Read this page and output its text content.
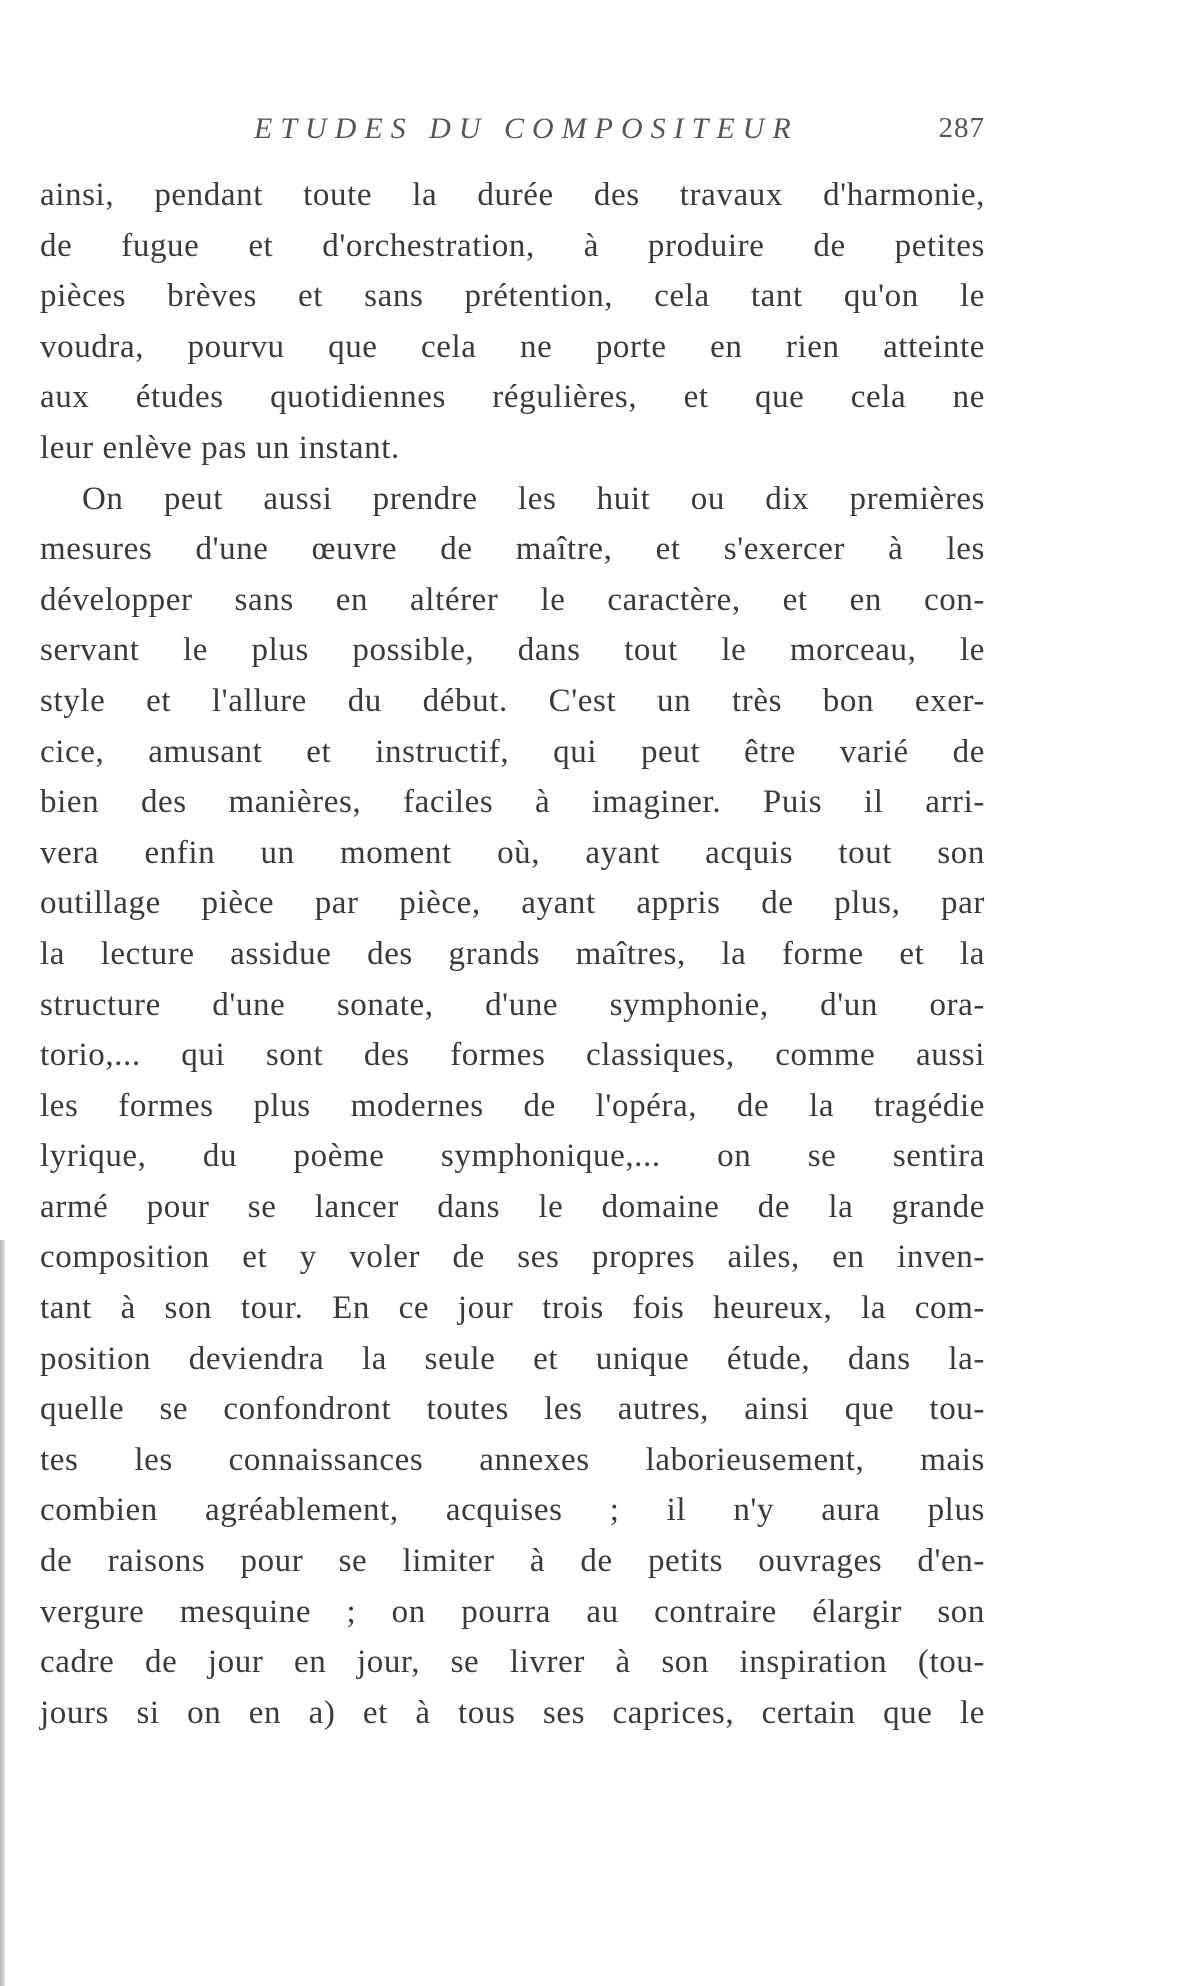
ETUDES DU COMPOSITEUR	287
ainsi, pendant toute la durée des travaux d'harmonie,
de fugue et d'orchestration, à produire de petites
pièces brèves et sans prétention, cela tant qu'on le
voudra, pourvu que cela ne porte en rien atteinte
aux études quotidiennes régulières, et que cela ne
leur enlève pas un instant.
On peut aussi prendre les huit ou dix premières
mesures d'une œuvre de maître, et s'exercer à les
développer sans en altérer le caractère, et en con-
servant le plus possible, dans tout le morceau, le
style et l'allure du début. C'est un très bon exer-
cice, amusant et instructif, qui peut être varié de
bien des manières, faciles à imaginer. Puis il arri-
vera enfin un moment où, ayant acquis tout son
outillage pièce par pièce, ayant appris de plus, par
la lecture assidue des grands maîtres, la forme et la
structure d'une sonate, d'une symphonie, d'un ora-
torio,... qui sont des formes classiques, comme aussi
les formes plus modernes de l'opéra, de la tragédie
lyrique, du poème symphonique,... on se sentira
armé pour se lancer dans le domaine de la grande
composition et y voler de ses propres ailes, en inven-
tant à son tour. En ce jour trois fois heureux, la com-
position deviendra la seule et unique étude, dans la-
quelle se confondront toutes les autres, ainsi que tou-
tes les connaissances annexes laborieusement, mais
combien agréablement, acquises ; il n'y aura plus
de raisons pour se limiter à de petits ouvrages d'en-
vergure mesquine ; on pourra au contraire élargir son
cadre de jour en jour, se livrer à son inspiration (tou-
jours si on en a) et à tous ses caprices, certain que le
